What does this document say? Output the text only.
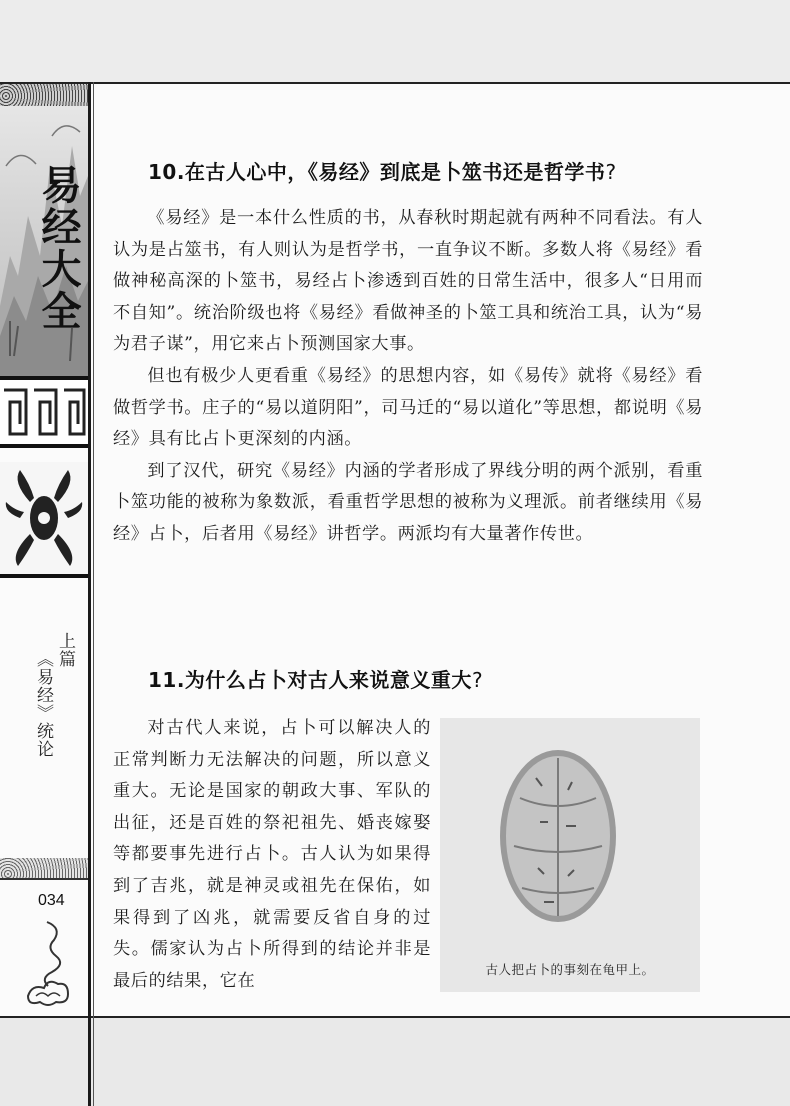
易经大全
上篇
《易经》统论
034
10.在古人心中，《易经》到底是卜筮书还是哲学书?

《易经》是一本什么性质的书，从春秋时期起就有两种不同看法。有人认为是占筮书，有人则认为是哲学书，一直争议不断。多数人将《易经》看做神秘高深的卜筮书，易经占卜渗透到百姓的日常生活中，很多人“日用而不自知”。统治阶级也将《易经》看做神圣的卜筮工具和统治工具，认为“易为君子谋”，用它来占卜预测国家大事。

但也有极少人更看重《易经》的思想内容，如《易传》就将《易经》看做哲学书。庄子的“易以道阴阳”，司马迁的“易以道化”等思想，都说明《易经》具有比占卜更深刻的内涵。

到了汉代，研究《易经》内涵的学者形成了界线分明的两个派别，看重卜筮功能的被称为象数派，看重哲学思想的被称为义理派。前者继续用《易经》占卜，后者用《易经》讲哲学。两派均有大量著作传世。

11.为什么占卜对古人来说意义重大?

对古代人来说，占卜可以解决人的正常判断力无法解决的问题，所以意义重大。无论是国家的朝政大事、军队的出征，还是百姓的祭祀祖先、婚丧嫁娶等都要事先进行占卜。古人认为如果得到了吉兆，就是神灵或祖先在保佑，如果得到了凶兆，就需要反省自身的过失。儒家认为占卜所得到的结论并非是最后的结果，它在

古人把占卜的事刻在龟甲上。
